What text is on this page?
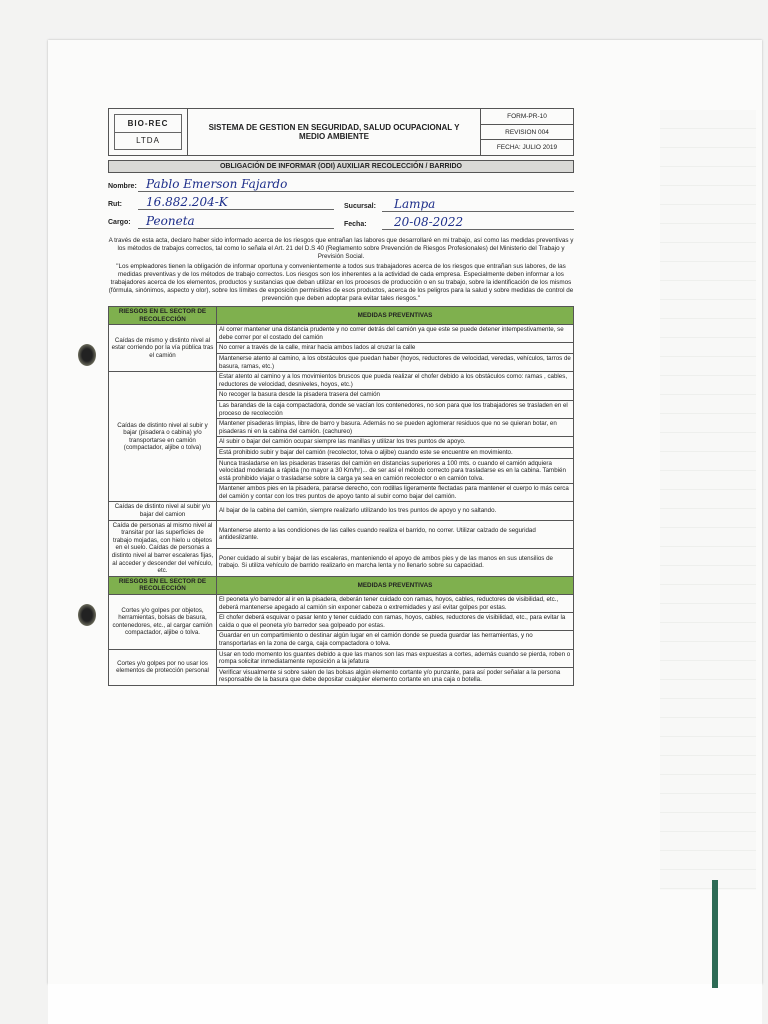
BIO-REC
LTDA
SISTEMA DE GESTION EN SEGURIDAD, SALUD OCUPACIONAL Y MEDIO AMBIENTE
FORM-PR-10
REVISION 004
FECHA: JULIO 2019
OBLIGACIÓN DE INFORMAR (ODI) AUXILIAR RECOLECCIÓN / BARRIDO
Nombre: Pablo Emerson Fajardo
Rut: 16.882.204-K	Sucursal: Lampa
Cargo: Peoneta	Fecha: 20-08-2022
A través de esta acta, declaro haber sido informado acerca de los riesgos que entrañan las labores que desarrollaré en mi trabajo, así como las medidas preventivas y los métodos de trabajos correctos, tal como lo señala el Art. 21 del D.S 40 (Reglamento sobre Prevención de Riesgos Profesionales) del Ministerio del Trabajo y Previsión Social.
"Los empleadores tienen la obligación de informar oportuna y convenientemente a todos sus trabajadores acerca de los riesgos que entrañan sus labores, de las medidas preventivas y de los métodos de trabajo correctos. Los riesgos son los inherentes a la actividad de cada empresa. Especialmente deben informar a los trabajadores acerca de los elementos, productos y sustancias que deban utilizar en los procesos de producción o en su trabajo, sobre la identificación de los mismos (fórmula, sinónimos, aspecto y olor), sobre los límites de exposición permisibles de esos productos, acerca de los peligros para la salud y sobre medidas de control de prevención que deben adoptar para evitar tales riesgos."
RIESGOS EN EL SECTOR DE RECOLECCIÓN	MEDIDAS PREVENTIVAS
Caídas de mismo y distinto nivel al estar corriendo por la vía pública tras el camión	Al correr mantener una distancia prudente y no correr detrás del camión ya que este se puede detener intempestivamente, se debe correr por el costado del camión
	No correr a través de la calle, mirar hacia ambos lados al cruzar la calle
	Mantenerse atento al camino, a los obstáculos que puedan haber (hoyos, reductores de velocidad, veredas, vehículos, tarros de basura, ramas, etc.)
Caídas de distinto nivel al subir y bajar (pisadera o cabina) y/o transportarse en camión (compactador, aljibe o tolva)	Estar atento al camino y a los movimientos bruscos que pueda realizar el chofer debido a los obstáculos como: ramas , cables, reductores de velocidad, desniveles, hoyos, etc.)
	No recoger la basura desde la pisadera trasera del camión
	Las barandas de la caja compactadora, donde se vacían los contenedores, no son para que los trabajadores se trasladen en el proceso de recolección
	Mantener pisaderas limpias, libre de barro y basura. Además no se pueden aglomerar residuos que no se quieran botar, en pisaderas ni en la cabina del camión. (cachureo)
	Al subir o bajar del camión ocupar siempre las manillas y utilizar los tres puntos de apoyo.
	Está prohibido subir y bajar del camión (recolector, tolva o aljibe) cuando este se encuentre en movimiento.
	Nunca trasladarse en las pisaderas traseras del camión en distancias superiores a 100 mts. o cuando el camión adquiera velocidad moderada a rápida (no mayor a 30 Km/hr)... de ser así el método correcto para trasladarse es en la cabina. También está prohibido viajar o trasladarse sobre la carga ya sea en camión recolector o en camión tolva.
	Mantener ambos pies en la pisadera, pararse derecho, con rodillas ligeramente flectadas para mantener el cuerpo lo más cerca del camión y contar con los tres puntos de apoyo tanto al subir como bajar del camión.
Caídas de distinto nivel al subir y/o bajar del camion	Al bajar de la cabina del camión, siempre realizarlo utilizando los tres puntos de apoyo y no saltando.
Caída de personas al mismo nivel al transitar por las superficies de trabajo mojadas, con hielo u objetos en el suelo. Caídas de personas a distinto nivel al barrer escaleras fijas, al acceder y descender del vehículo, etc.	Mantenerse atento a las condiciones de las calles cuando realiza el barrido, no correr. Utilizar calzado de seguridad antideslizante.
	Poner cuidado al subir y bajar de las escaleras, manteniendo el apoyo de ambos pies y de las manos en sus utensilios de trabajo. Si utiliza vehículo de barrido realizarlo en marcha lenta y no llenarlo sobre su capacidad.
RIESGOS EN EL SECTOR DE RECOLECCIÓN	MEDIDAS PREVENTIVAS
Cortes y/o golpes por objetos, herramientas, bolsas de basura, contenedores, etc., al cargar camión compactador, aljibe o tolva.	El peoneta y/o barredor al ir en la pisadera, deberán tener cuidado con ramas, hoyos, cables, reductores de visibilidad, etc., deberá mantenerse apegado al camión sin exponer cabeza o extremidades y así evitar golpes por estas.
	El chofer deberá esquivar o pasar lento y tener cuidado con ramas, hoyos, cables, reductores de visibilidad, etc., para evitar la caída o que el peoneta y/o barredor sea golpeado por estas.
	Guardar en un compartimiento o destinar algún lugar en el camión donde se pueda guardar las herramientas, y no transportarlas en la zona de carga, caja compactadora o tolva.
Cortes y/o golpes por no usar los elementos de protección personal	Usar en todo momento los guantes debido a que las manos son las mas expuestas a cortes, además cuando se pierda, roben o rompa solicitar inmediatamente reposición a la jefatura
	Verificar visualmente si sobre salen de las bolsas algún elemento cortante y/o punzante, para así poder señalar a la persona responsable de la basura que debe depositar cualquier elemento cortante en una caja o botella.
